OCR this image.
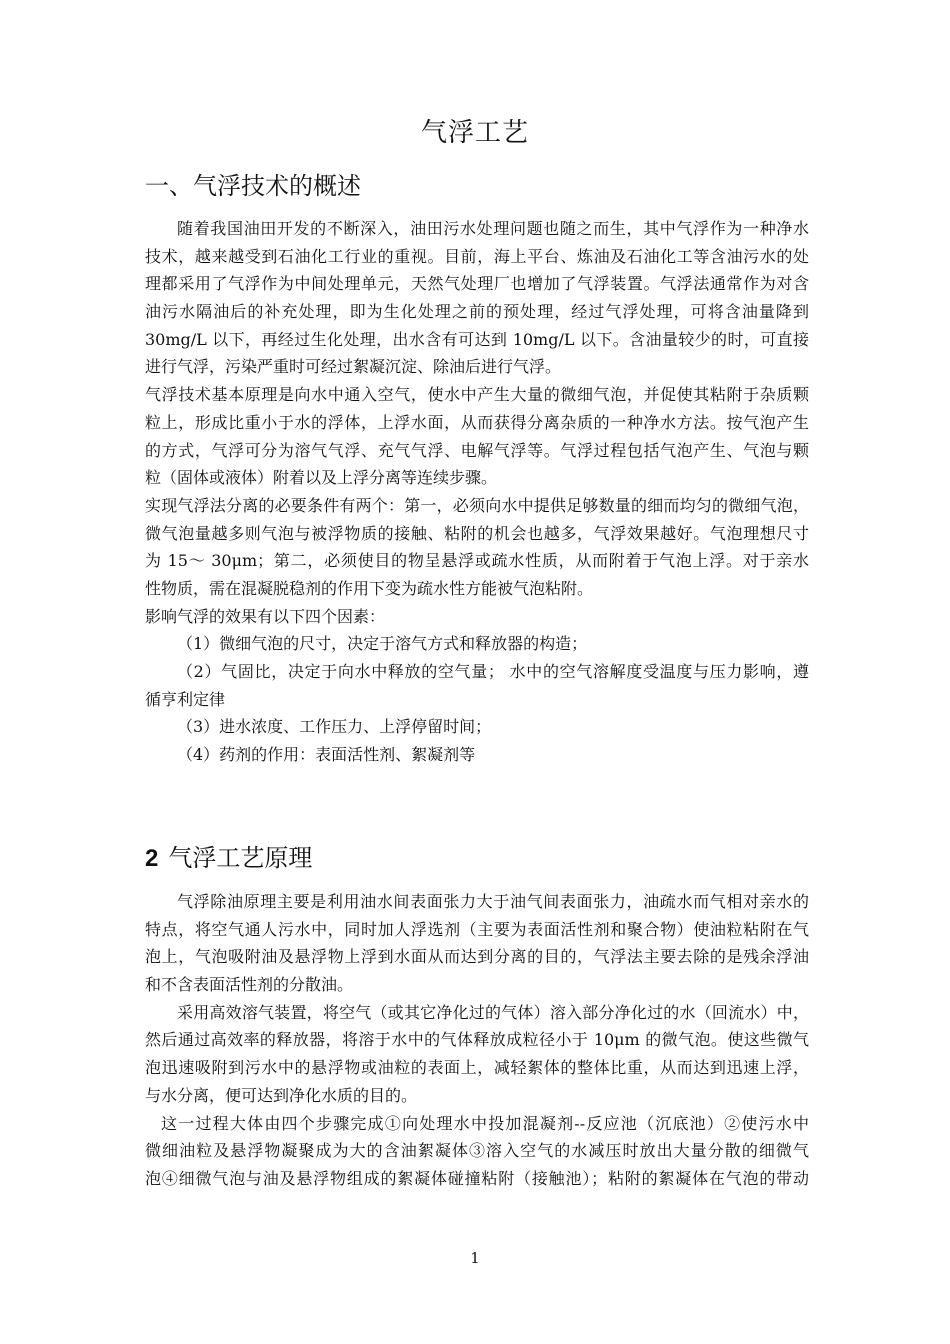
气浮工艺
一、气浮技术的概述
随着我国油田开发的不断深入，油田污水处理问题也随之而生，其中气浮作为一种净水
技术，越来越受到石油化工行业的重视。目前，海上平台、炼油及石油化工等含油污水的处
理都采用了气浮作为中间处理单元，天然气处理厂也增加了气浮装置。气浮法通常作为对含
油污水隔油后的补充处理，即为生化处理之前的预处理，经过气浮处理，可将含油量降到
30mg/L 以下，再经过生化处理，出水含有可达到 10mg/L 以下。含油量较少的时，可直接
进行气浮，污染严重时可经过絮凝沉淀、除油后进行气浮。
气浮技术基本原理是向水中通入空气，使水中产生大量的微细气泡，并促使其粘附于杂质颗
粒上，形成比重小于水的浮体，上浮水面，从而获得分离杂质的一种净水方法。按气泡产生
的方式，气浮可分为溶气气浮、充气气浮、电解气浮等。气浮过程包括气泡产生、气泡与颗
粒（固体或液体）附着以及上浮分离等连续步骤。
实现气浮法分离的必要条件有两个：第一，必须向水中提供足够数量的细而均匀的微细气泡，
微气泡量越多则气泡与被浮物质的接触、粘附的机会也越多，气浮效果越好。气泡理想尺寸
为 15～ 30μm；第二，必须使目的物呈悬浮或疏水性质，从而附着于气泡上浮。对于亲水
性物质，需在混凝脱稳剂的作用下变为疏水性方能被气泡粘附。
影响气浮的效果有以下四个因素：
（1）微细气泡的尺寸，决定于溶气方式和释放器的构造；
（2）气固比，决定于向水中释放的空气量； 水中的空气溶解度受温度与压力影响，遵
循亨利定律
（3）进水浓度、工作压力、上浮停留时间；
（4）药剂的作用：表面活性剂、絮凝剂等
2 气浮工艺原理
气浮除油原理主要是利用油水间表面张力大于油气间表面张力，油疏水而气相对亲水的
特点，将空气通人污水中，同时加人浮选剂（主要为表面活性剂和聚合物）使油粒粘附在气
泡上，气泡吸附油及悬浮物上浮到水面从而达到分离的目的，气浮法主要去除的是残余浮油
和不含表面活性剂的分散油。
采用高效溶气装置，将空气（或其它净化过的气体）溶入部分净化过的水（回流水）中，
然后通过高效率的释放器，将溶于水中的气体释放成粒径小于 10μm 的微气泡。使这些微气
泡迅速吸附到污水中的悬浮物或油粒的表面上，减轻絮体的整体比重，从而达到迅速上浮，
与水分离，便可达到净化水质的目的。
这一过程大体由四个步骤完成①向处理水中投加混凝剂--反应池（沉底池）②使污水中
微细油粒及悬浮物凝聚成为大的含油絮凝体③溶入空气的水减压时放出大量分散的细微气
泡④细微气泡与油及悬浮物组成的絮凝体碰撞粘附（接触池）；粘附的絮凝体在气泡的带动

1
